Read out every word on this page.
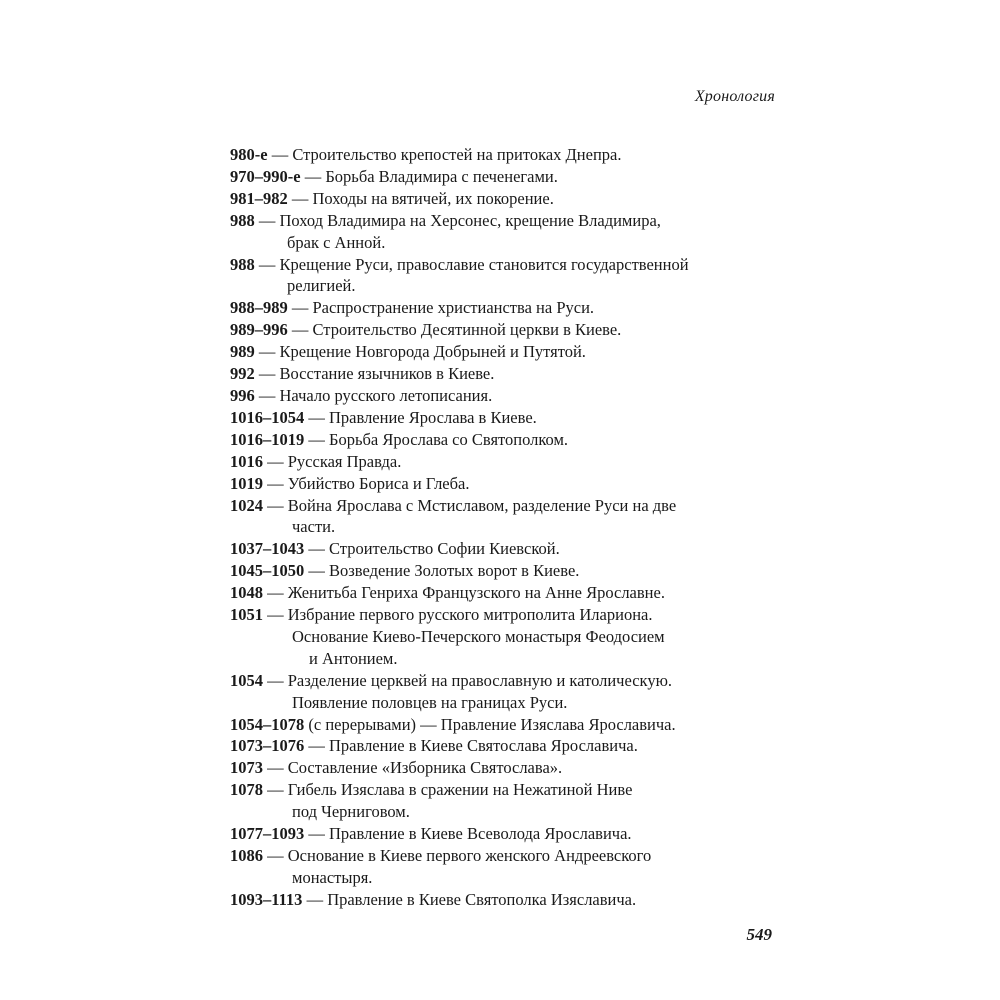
Хронология
980-е — Строительство крепостей на притоках Днепра.
970–990-е — Борьба Владимира с печенегами.
981–982 — Походы на вятичей, их покорение.
988 — Поход Владимира на Херсонес, крещение Владимира,
брак с Анной.
988 — Крещение Руси, православие становится государственной
религией.
988–989 — Распространение христианства на Руси.
989–996 — Строительство Десятинной церкви в Киеве.
989 — Крещение Новгорода Добрыней и Путятой.
992 — Восстание язычников в Киеве.
996 — Начало русского летописания.
1016–1054 — Правление Ярослава в Киеве.
1016–1019 — Борьба Ярослава со Святополком.
1016 — Русская Правда.
1019 — Убийство Бориса и Глеба.
1024 — Война Ярослава с Мстиславом, разделение Руси на две
части.
1037–1043 — Строительство Софии Киевской.
1045–1050 — Возведение Золотых ворот в Киеве.
1048 — Женитьба Генриха Французского на Анне Ярославне.
1051 — Избрание первого русского митрополита Илариона.
Основание Киево-Печерского монастыря Феодосием
и Антонием.
1054 — Разделение церквей на православную и католическую.
Появление половцев на границах Руси.
1054–1078 (с перерывами) — Правление Изяслава Ярославича.
1073–1076 — Правление в Киеве Святослава Ярославича.
1073 — Составление «Изборника Святослава».
1078 — Гибель Изяслава в сражении на Нежатиной Ниве
под Черниговом.
1077–1093 — Правление в Киеве Всеволода Ярославича.
1086 — Основание в Киеве первого женского Андреевского
монастыря.
1093–1113 — Правление в Киеве Святополка Изяславича.
549
